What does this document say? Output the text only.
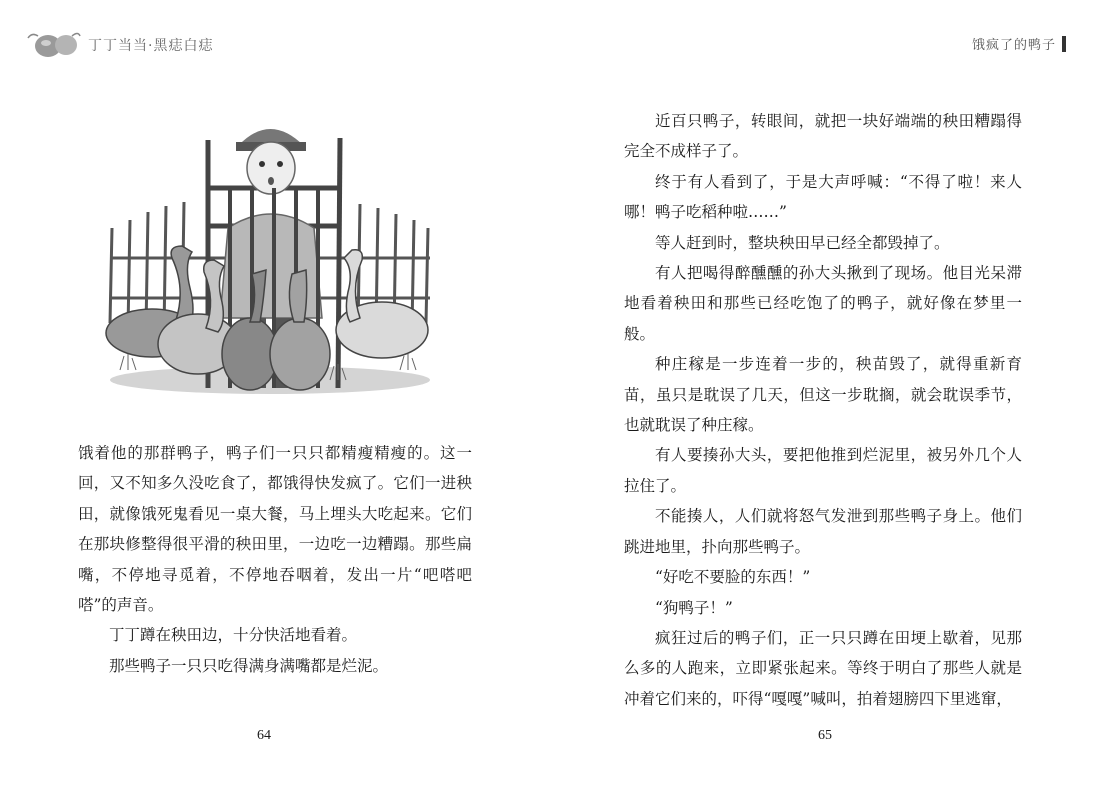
丁丁当当·黑痣白痣	饿疯了的鸭子

饿着他的那群鸭子，鸭子们一只只都精瘦精瘦的。这一回，又不知多久没吃食了，都饿得快发疯了。它们一进秧田，就像饿死鬼看见一桌大餐，马上埋头大吃起来。它们在那块修整得很平滑的秧田里，一边吃一边糟蹋。那些扁嘴，不停地寻觅着，不停地吞咽着，发出一片“吧嗒吧嗒”的声音。

丁丁蹲在秧田边，十分快活地看着。

那些鸭子一只只吃得满身满嘴都是烂泥。

近百只鸭子，转眼间，就把一块好端端的秧田糟蹋得完全不成样子了。

终于有人看到了，于是大声呼喊：“不得了啦！来人哪！鸭子吃稻种啦……”

等人赶到时，整块秧田早已经全都毁掉了。

有人把喝得醉醺醺的孙大头揪到了现场。他目光呆滞地看着秧田和那些已经吃饱了的鸭子，就好像在梦里一般。

种庄稼是一步连着一步的，秧苗毁了，就得重新育苗，虽只是耽误了几天，但这一步耽搁，就会耽误季节，也就耽误了种庄稼。

有人要揍孙大头，要把他推到烂泥里，被另外几个人拉住了。

不能揍人，人们就将怒气发泄到那些鸭子身上。他们跳进地里，扑向那些鸭子。

“好吃不要脸的东西！”

“狗鸭子！”

疯狂过后的鸭子们，正一只只蹲在田埂上歇着，见那么多的人跑来，立即紧张起来。等终于明白了那些人就是冲着它们来的，吓得“嘎嘎”喊叫，拍着翅膀四下里逃窜，

64	65
